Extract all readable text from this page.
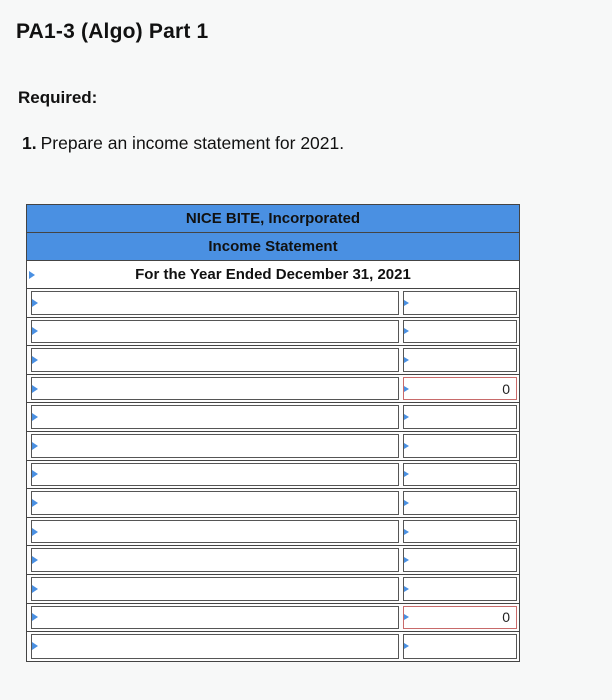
PA1-3 (Algo) Part 1
Required:
1. Prepare an income statement for 2021.
NICE BITE, Incorporated
Income Statement
For the Year Ended December 31, 2021
0
0
